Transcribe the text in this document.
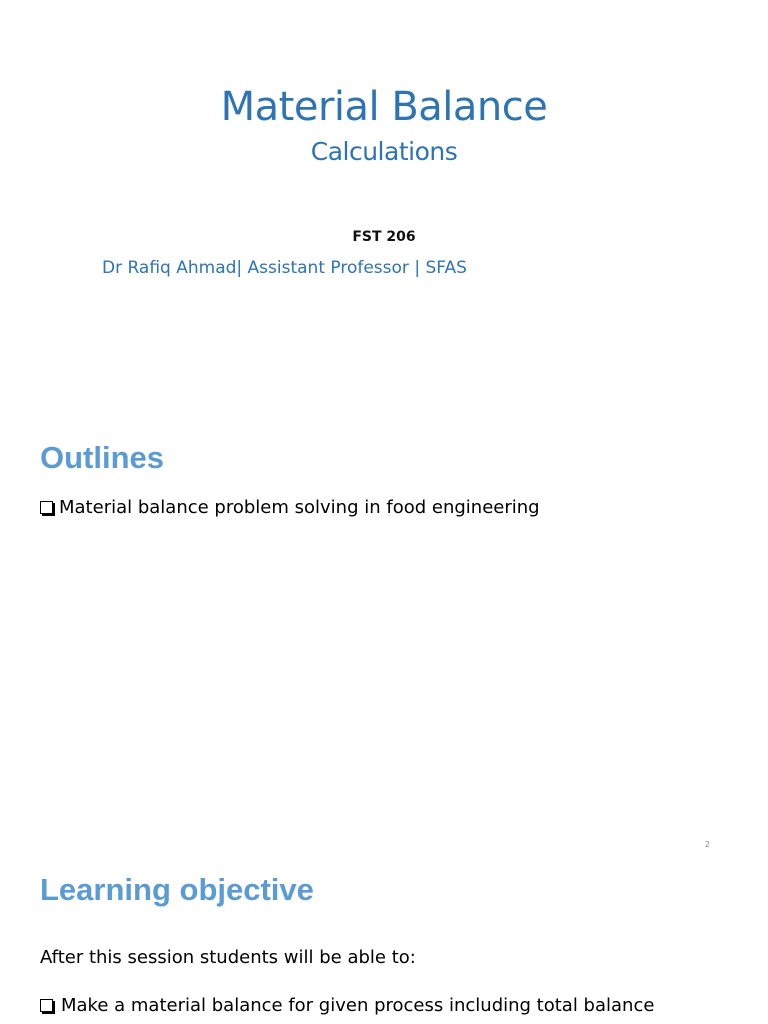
Material Balance
Calculations
FST 206
Dr Rafiq Ahmad| Assistant Professor | SFAS
Outlines
Material balance problem solving in food engineering
2
Learning objective
After this session students will be able to:
Make a material balance for given process including total balance
